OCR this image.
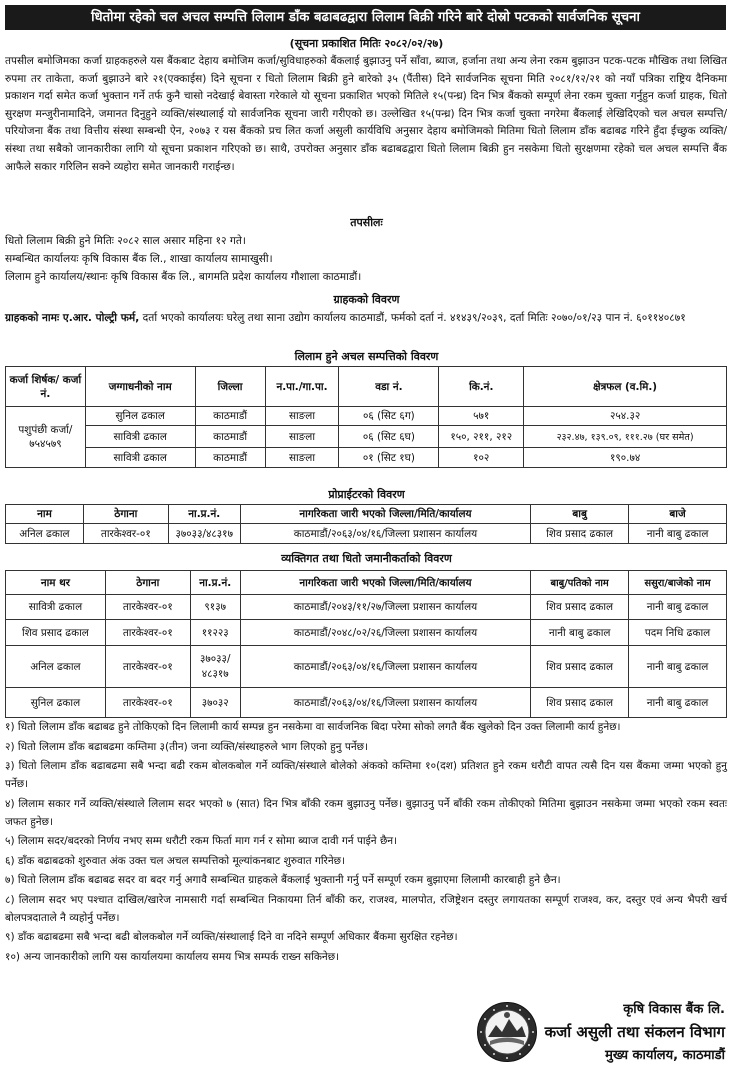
धितोमा रहेको चल अचल सम्पत्ति लिलाम डाँक बढाबढद्वारा लिलाम बिक्री गरिने बारे दोस्रो पटकको सार्वजनिक सूचना
(सूचना प्रकाशित मितिः २०८२/०२/२७)
तपसील बमोजिमका कर्जा ग्राहकहरुले यस बैंकबाट देहाय बमोजिम कर्जा/सुविधाहरुको बैंकलाई बुझाउनु पर्ने साँवा, ब्याज, हर्जाना तथा अन्य लेना रकम बुझाउन पटक-पटक मौखिक तथा लिखित रुपमा तर ताकेता, कर्जा बुझाउने बारे २१(एक्काईस) दिने सूचना र धितो लिलाम बिक्री हुने बारेको ३५ (पैंतीस) दिने सार्वजनिक सूचना मिति २०८१/१२/२१ को नयाँ पत्रिका राष्ट्रिय दैनिकमा प्रकाशन गर्दा समेत कर्जा भुक्तान गर्ने तर्फ कुनै चासो नदेखाई बेवास्ता गरेकाले यो सूचना प्रकाशित भएको मितिले १५(पन्ध्र) दिन भित्र बैंकको सम्पूर्ण लेना रकम चुक्ता गर्नुहुन कर्जा ग्राहक, धितो सुरक्षण मन्जुरीनामादिने, जमानत दिनुहुने व्यक्ति/संस्थालाई यो सार्वजनिक सूचना जारी गरीएको छ। उल्लेखित १५(पन्ध्र) दिन भित्र कर्जा चुक्ता नगरेमा बैंकलाई लेखिदिएको चल अचल सम्पत्ति/परियोजना बैंक तथा वित्तीय संस्था सम्बन्धी ऐन, २०७३ र यस बैंकको प्रच लित कर्जा असुली कार्यविधि अनुसार देहाय बमोजिमको मितिमा धितो लिलाम डाँक बढाबढ गरिने हुँदा ईच्छुक व्यक्ति/संस्था तथा सबैको जानकारीका लागि यो सूचना प्रकाशन गरिएको छ। साथै, उपरोक्त अनुसार डाँक बढाबढद्वारा धितो लिलाम बिक्री हुन नसकेमा धितो सुरक्षणमा रहेको चल अचल सम्पत्ति बैंक आफैले सकार गरिलिन सक्ने व्यहोरा समेत जानकारी गराईन्छ।
तपसीलः
धितो लिलाम बिक्री हुने मितिः २०८२ साल असार महिना १२ गते।
सम्बन्धित कार्यालयः कृषि विकास बैंक लि., शाखा कार्यालय सामाखुसी।
लिलाम हुने कार्यालय/स्थानः कृषि विकास बैंक लि., बागमति प्रदेश कार्यालय गौशाला काठमाडौं।
ग्राहकको विवरण
ग्राहकको नामः ए.आर. पोल्ट्री फर्म, दर्ता भएको कार्यालयः घरेलु तथा साना उद्योग कार्यालय काठमाडौं, फर्मको दर्ता नं. ४१४३९/२०३९, दर्ता मितिः २०७०/०१/२३ पान नं. ६०११४०८७१
लिलाम हुने अचल सम्पत्तिको विवरण
कर्जा शिर्षक/ कर्जा नं.	जग्गाधनीको नाम	जिल्ला	न.पा./गा.पा.	वडा नं.	कि.नं.	क्षेत्रफल (व.मि.)
पशुपंछी कर्जा/ ७५४५७९	सुनिल ढकाल	काठमाडौं	साङला	०६ (सिट ६ग)	५७१	२५४.३२
	सावित्री ढकाल	काठमाडौं	साङला	०६ (सिट ६घ)	१५०, २११, २१२	२३२.४७, १३९.०९, १११.२७ (घर समेत)
	सावित्री ढकाल	काठमाडौं	साङला	०१ (सिट १घ)	१०२	१९०.७४
प्रोप्राईटरको विवरण
नाम	ठेगाना	ना.प्र.नं.	नागरिकता जारी भएको जिल्ला/मिति/कार्यालय	बाबु	बाजे
अनिल ढकाल	तारकेश्वर-०१	३७०३३/४८३१७	काठमाडौं/२०६३/०४/१६/जिल्ला प्रशासन कार्यालय	शिव प्रसाद ढकाल	नानी बाबु ढकाल
व्यक्तिगत तथा धितो जमानीकर्ताको विवरण
नाम थर	ठेगाना	ना.प्र.नं.	नागरिकता जारी भएको जिल्ला/मिति/कार्यालय	बाबु/पतिको नाम	ससुरा/बाजेको नाम
सावित्री ढकाल	तारकेश्वर-०१	९१३७	काठमाडौं/२०४३/११/२७/जिल्ला प्रशासन कार्यालय	शिव प्रसाद ढकाल	नानी बाबु ढकाल
शिव प्रसाद ढकाल	तारकेश्वर-०१	११२२३	काठमाडौं/२०४८/०२/२६/जिल्ला प्रशासन कार्यालय	नानी बाबु ढकाल	पदम निधि ढकाल
अनिल ढकाल	तारकेश्वर-०१	३७०३३/ ४८३१७	काठमाडौं/२०६३/०४/१६/जिल्ला प्रशासन कार्यालय	शिव प्रसाद ढकाल	नानी बाबु ढकाल
सुनिल ढकाल	तारकेश्वर-०१	३७०३२	काठमाडौं/२०६३/०४/१६/जिल्ला प्रशासन कार्यालय	शिव प्रसाद ढकाल	नानी बाबु ढकाल
१) धितो लिलाम डाँक बढाबढ हुने तोकिएको दिन लिलामी कार्य सम्पन्न हुन नसकेमा वा सार्वजनिक बिदा परेमा सोको लगतै बैंक खुलेको दिन उक्त लिलामी कार्य हुनेछ।
२) धितो लिलाम डाँक बढाबढमा कम्तिमा ३(तीन) जना व्यक्ति/संस्थाहरुले भाग लिएको हुनु पर्नेछ।
३) धितो लिलाम डाँक बढाबढमा सबै भन्दा बढी रकम बोलकबोल गर्ने व्यक्ति/संस्थाले बोलेको अंकको कम्तिमा १०(दश) प्रतिशत हुने रकम धरौटी वापत त्यसै दिन यस बैंकमा जम्मा भएको हुनु पर्नेछ।
४) लिलाम सकार गर्ने व्यक्ति/संस्थाले लिलाम सदर भएको ७ (सात) दिन भित्र बाँकी रकम बुझाउनु पर्नेछ। बुझाउनु पर्ने बाँकी रकम तोकीएको मितिमा बुझाउन नसकेमा जम्मा भएको रकम स्वतः जफत हुनेछ।
५) लिलाम सदर/बदरको निर्णय नभए सम्म धरौटी रकम फिर्ता माग गर्न र सोमा ब्याज दावी गर्न पाईने छैन।
६) डाँक बढाबढको शुरुवात अंक उक्त चल अचल सम्पत्तिको मूल्यांकनबाट शुरुवात गरिनेछ।
७) धितो लिलाम डाँक बढाबढ सदर वा बदर गर्नु अगावै सम्बन्धित ग्राहकले बैंकलाई भुक्तानी गर्नु पर्ने सम्पूर्ण रकम बुझाएमा लिलामी कारबाही हुने छैन।
८) लिलाम सदर भए पश्चात दाखिल/खारेज नामसारी गर्दा सम्बन्धित निकायमा तिर्न बाँकी कर, राजश्व, मालपोत, रजिष्ट्रेशन दस्तुर लगायतका सम्पूर्ण राजश्व, कर, दस्तुर एवं अन्य भैपरी खर्च बोलपत्रदाताले नै व्यहोर्नु पर्नेछ।
९) डाँक बढाबढमा सबै भन्दा बढी बोलकबोल गर्ने व्यक्ति/संस्थालाई दिने वा नदिने सम्पूर्ण अधिकार बैंकमा सुरक्षित रहनेछ।
१०) अन्य जानकारीको लागि यस कार्यालयमा कार्यालय समय भित्र सम्पर्क राख्न सकिनेछ।
कृषि विकास बैंक लि.
कर्जा असुली तथा संकलन विभाग
मुख्य कार्यालय, काठमाडौं
